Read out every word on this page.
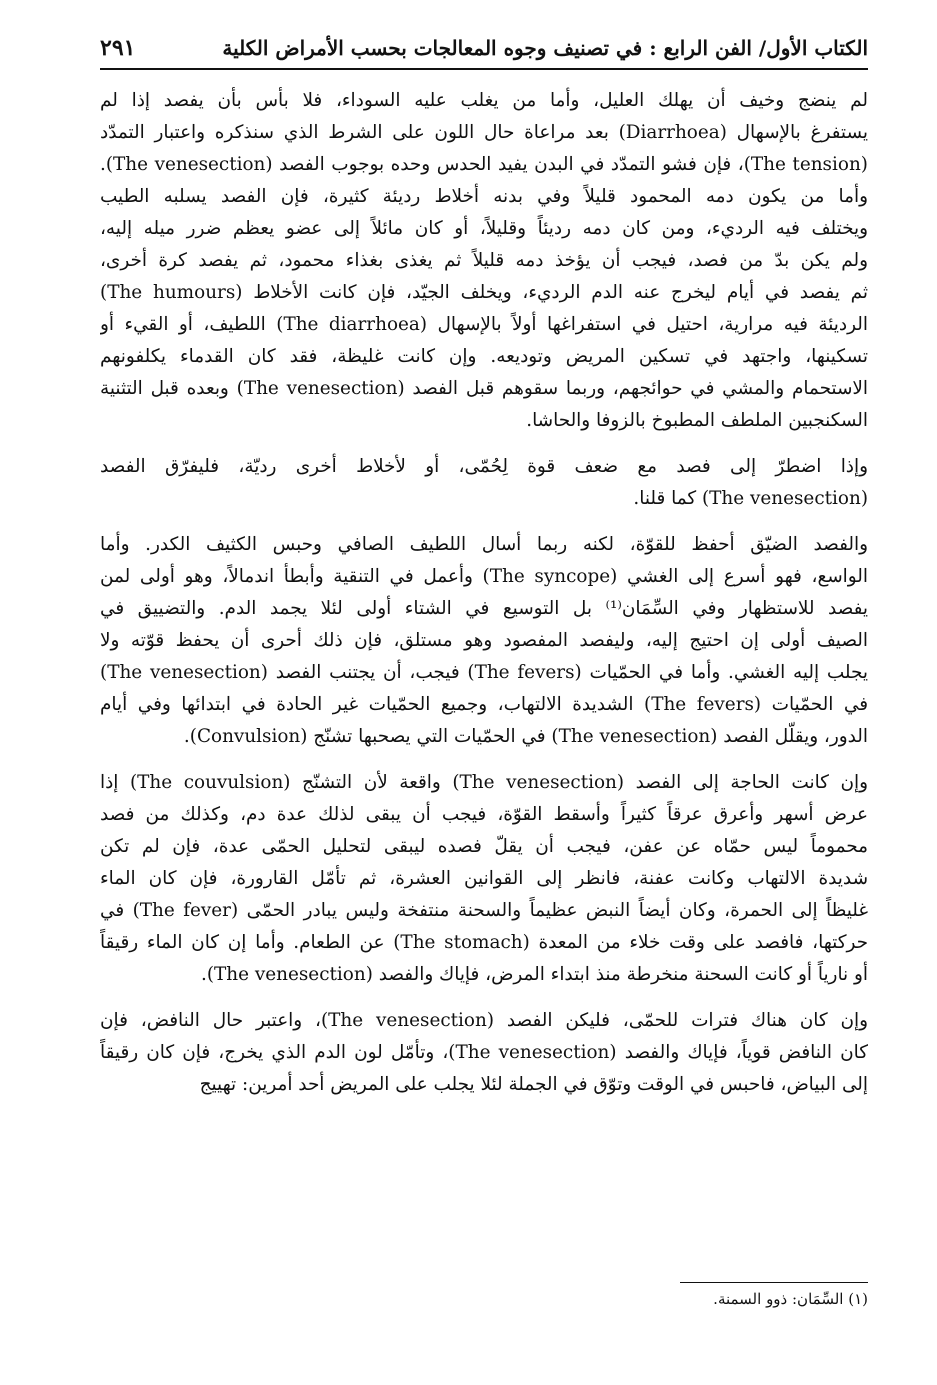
الكتاب الأول/ الفن الرابع : في تصنيف وجوه المعالجات بحسب الأمراض الكلية
٢٩١
لم ينضج وخيف أن يهلك العليل، وأما من يغلب عليه السوداء، فلا بأس بأن يفصد إذا لم
يستفرغ بالإسهال (Diarrhoea) بعد مراعاة حال اللون على الشرط الذي سنذكره واعتبار التمدّد
(The tension)، فإن فشو التمدّد في البدن يفيد الحدس وحده بوجوب الفصد (The venesection).
وأما من يكون دمه المحمود قليلاً وفي بدنه أخلاط رديئة كثيرة، فإن الفصد يسلبه الطيب
ويختلف فيه الرديء، ومن كان دمه رديئاً وقليلاً، أو كان مائلاً إلى عضو يعظم ضرر ميله إليه،
ولم يكن بدّ من فصد، فيجب أن يؤخذ دمه قليلاً ثم يغذى بغذاء محمود، ثم يفصد كرة أخرى،
ثم يفصد في أيام ليخرج عنه الدم الرديء، ويخلف الجيّد، فإن كانت الأخلاط (The humours)
الرديئة فيه مرارية، احتيل في استفراغها أولاً بالإسهال (The diarrhoea) اللطيف، أو القيء أو
تسكينها، واجتهد في تسكين المريض وتوديعه. وإن كانت غليظة، فقد كان القدماء يكلفونهم
الاستحمام والمشي في حوائجهم، وربما سقوهم قبل الفصد (The venesection) وبعده قبل التثنية
السكنجبين الملطف المطبوخ بالزوفا والحاشا.
وإذا اضطرّ إلى فصد مع ضعف قوة لِحُمّى، أو لأخلاط أخرى رديّة، فليفرّق الفصد
(The venesection) كما قلنا.
والفصد الضيّق أحفظ للقوّة، لكنه ربما أسال اللطيف الصافي وحبس الكثيف الكدر. وأما
الواسع، فهو أسرع إلى الغشي (The syncope) وأعمل في التنقية وأبطأ اندمالاً، وهو أولى لمن
يفصد للاستظهار وفي السِّمَان⁽¹⁾ بل التوسيع في الشتاء أولى لئلا يجمد الدم. والتضييق في
الصيف أولى إن احتيج إليه، وليفصد المفصود وهو مستلق، فإن ذلك أحرى أن يحفظ قوّته ولا
يجلب إليه الغشي. وأما في الحمّيات (The fevers) فيجب، أن يجتنب الفصد (The venesection)
في الحمّيات (The fevers) الشديدة الالتهاب، وجميع الحمّيات غير الحادة في ابتدائها وفي أيام
الدور، ويقلّل الفصد (The venesection) في الحمّيات التي يصحبها تشنّج (Convulsion).
وإن كانت الحاجة إلى الفصد (The venesection) واقعة لأن التشنّج (The couvulsion) إذا
عرض أسهر وأعرق عرقاً كثيراً وأسقط القوّة، فيجب أن يبقى لذلك عدة دم، وكذلك من فصد
محموماً ليس حمّاه عن عفن، فيجب أن يقلّ فصده ليبقى لتحليل الحمّى عدة، فإن لم تكن
شديدة الالتهاب وكانت عفنة، فانظر إلى القوانين العشرة، ثم تأمّل القارورة، فإن كان الماء
غليظاً إلى الحمرة، وكان أيضاً النبض عظيماً والسحنة منتفخة وليس يبادر الحمّى (The fever) في
حركتها، فافصد على وقت خلاء من المعدة (The stomach) عن الطعام. وأما إن كان الماء رقيقاً
أو نارياً أو كانت السحنة منخرطة منذ ابتداء المرض، فإياك والفصد (The venesection).
وإن كان هناك فترات للحمّى، فليكن الفصد (The venesection)، واعتبر حال النافض، فإن
كان النافض قوياً، فإياك والفصد (The venesection)، وتأمّل لون الدم الذي يخرج، فإن كان رقيقاً
إلى البياض، فاحبس في الوقت وتوّق في الجملة لئلا يجلب على المريض أحد أمرين: تهييج
(١) السِّمَان: ذوو السمنة.
